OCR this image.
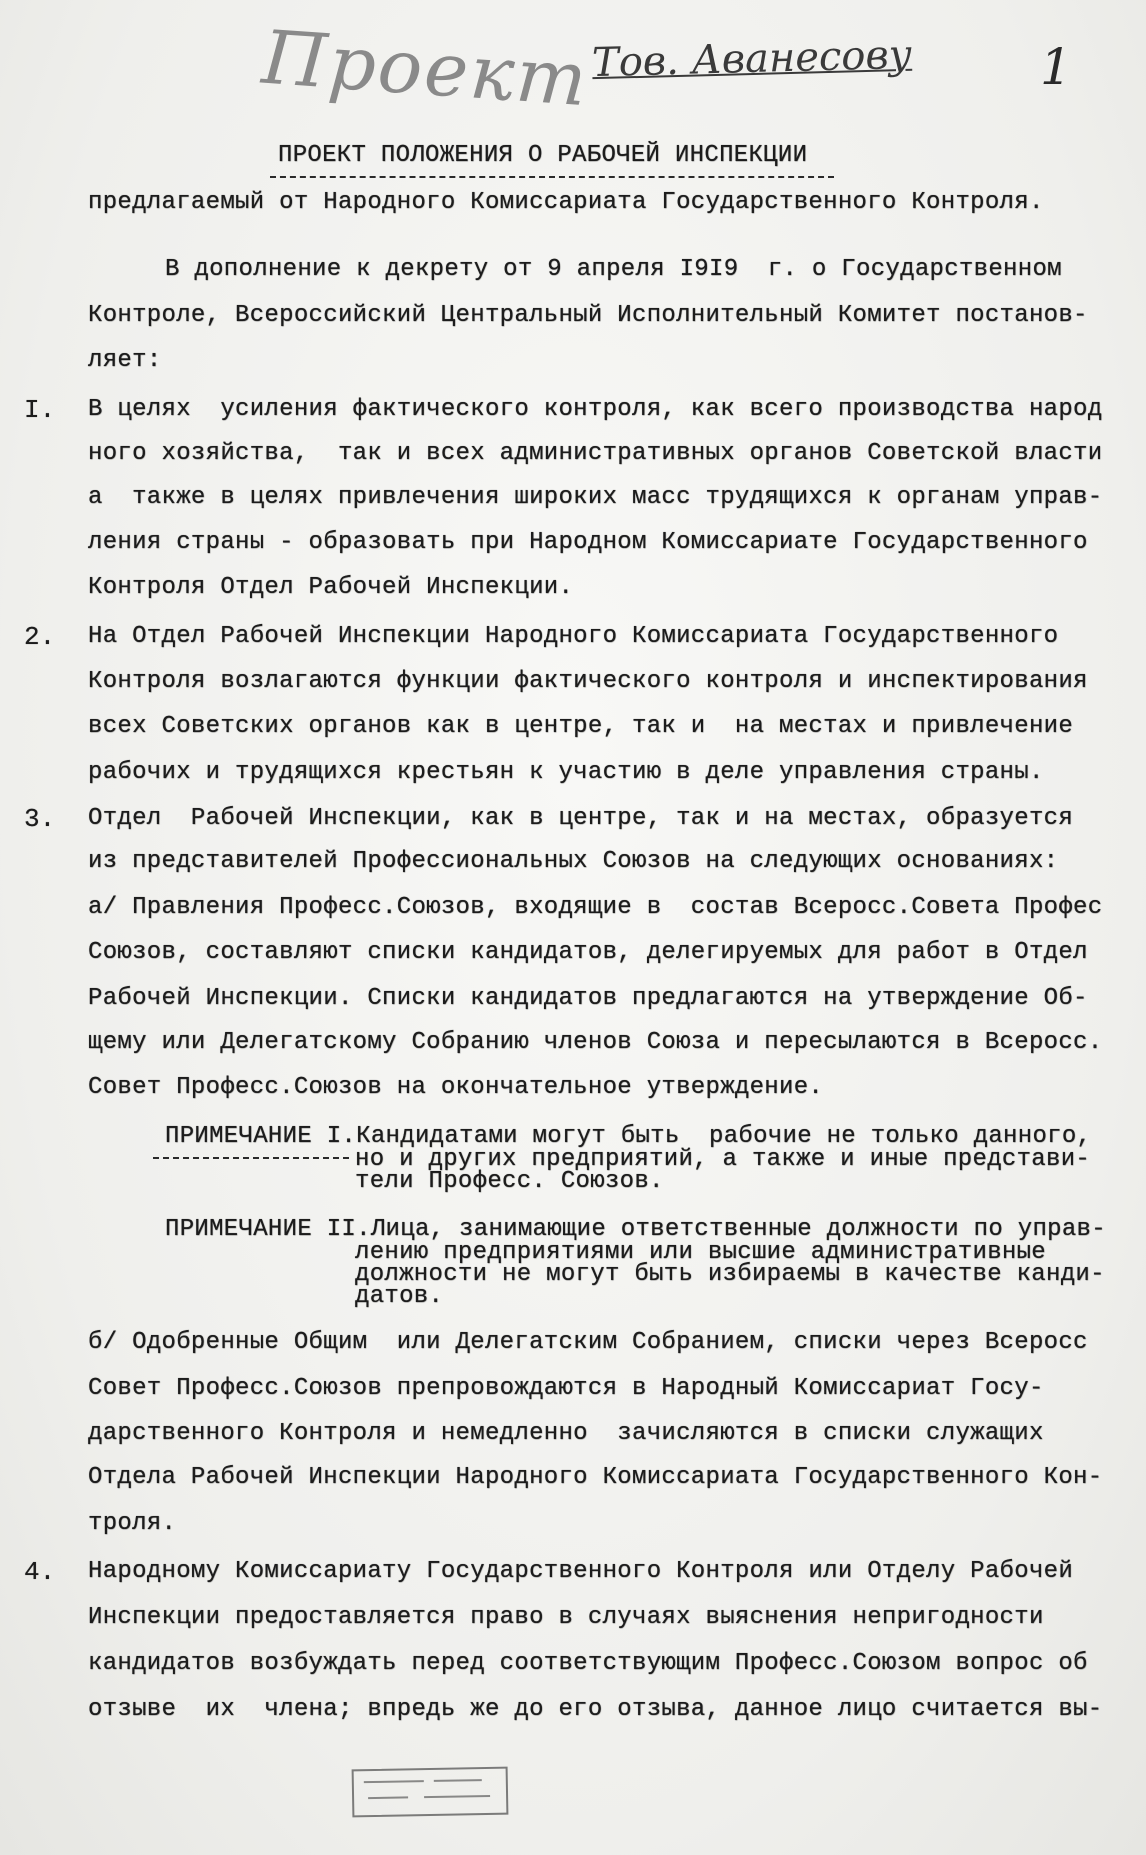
Проект Тов. Аванесову	1
ПРОЕКТ ПОЛОЖЕНИЯ О РАБОЧЕЙ ИНСПЕКЦИИ
предлагаемый от Народного Комиссариата Государственного Контроля.
В дополнение к декрету от 9 апреля I9I9  г. о Государственном
Контроле, Всероссийский Центральный Исполнительный Комитет постанов-
ляет:
I. В целях  усиления фактического контроля, как всего производства народ
ного хозяйства,  так и всех административных органов Советской власти
а  также в целях привлечения широких масс трудящихся к органам управ-
ления страны - образовать при Народном Комиссариате Государственного
Контроля Отдел Рабочей Инспекции.
2. На Отдел Рабочей Инспекции Народного Комиссариата Государственного
Контроля возлагаются функции фактического контроля и инспектирования
всех Советских органов как в центре, так и  на местах и привлечение
рабочих и трудящихся крестьян к участию в деле управления страны.
3. Отдел  Рабочей Инспекции, как в центре, так и на местах, образуется
из представителей Профессиональных Союзов на следующих основаниях:
а/ Правления Професс.Союзов, входящие в  состав Всеросс.Совета Профес
Союзов, составляют списки кандидатов, делегируемых для работ в Отдел
Рабочей Инспекции. Списки кандидатов предлагаются на утверждение Об-
щему или Делегатскому Собранию членов Союза и пересылаются в Всеросс.
Совет Професс.Союзов на окончательное утверждение.
ПРИМЕЧАНИЕ I.Кандидатами могут быть  рабочие не только данного,
но и других предприятий, а также и иные представи-
тели Професс. Союзов.
ПРИМЕЧАНИЕ II.Лица, занимающие ответственные должности по управ-
лению предприятиями или высшие административные
должности не могут быть избираемы в качестве канди-
датов.
б/ Одобренные Общим  или Делегатским Собранием, списки через Всеросс
Совет Професс.Союзов препровождаются в Народный Комиссариат Госу-
дарственного Контроля и немедленно  зачисляются в списки служащих
Отдела Рабочей Инспекции Народного Комиссариата Государственного Кон-
троля.
4. Народному Комиссариату Государственного Контроля или Отделу Рабочей
Инспекции предоставляется право в случаях выяснения непригодности
кандидатов возбуждать перед соответствующим Професс.Союзом вопрос об
отзыве  их  члена; впредь же до его отзыва, данное лицо считается вы-
